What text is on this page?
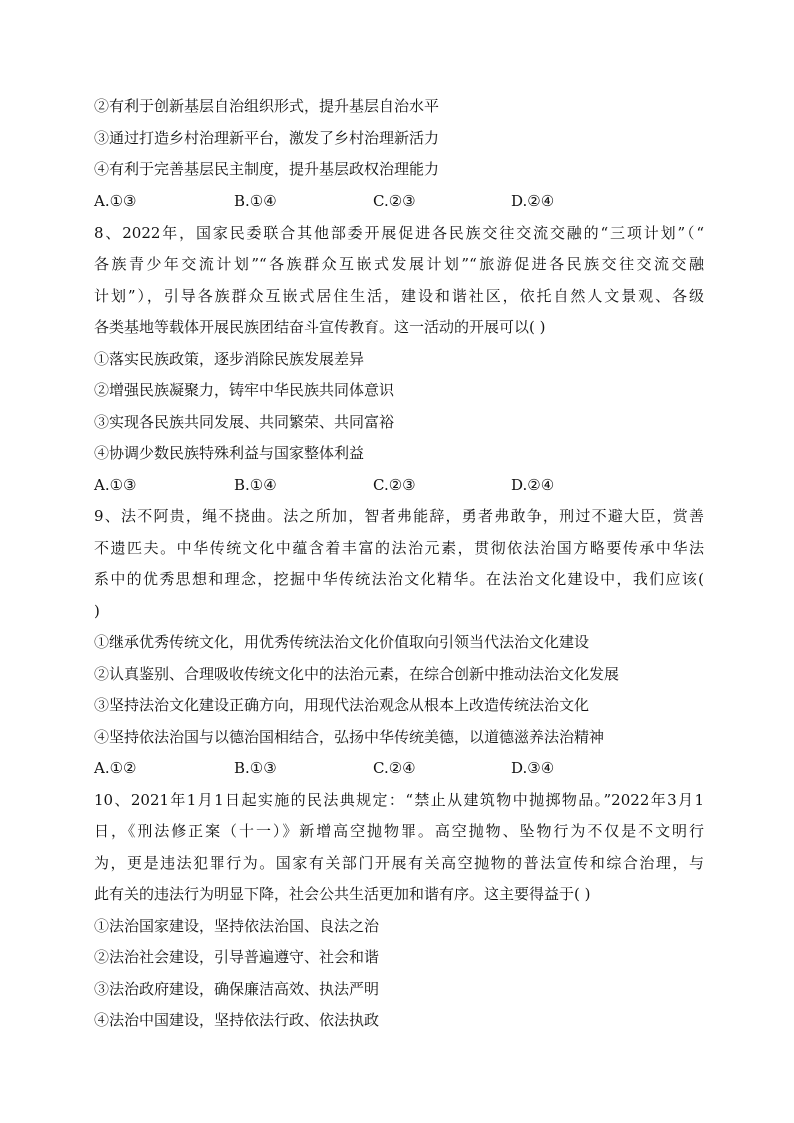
②有利于创新基层自治组织形式，提升基层自治水平
③通过打造乡村治理新平台，激发了乡村治理新活力
④有利于完善基层民主制度，提升基层政权治理能力
A.①③	B.①④	C.②③	D.②④
8、2022年，国家民委联合其他部委开展促进各民族交往交流交融的“三项计划”（“
各族青少年交流计划”“各族群众互嵌式发展计划”“旅游促进各民族交往交流交融
计划”），引导各族群众互嵌式居住生活，建设和谐社区，依托自然人文景观、各级
各类基地等载体开展民族团结奋斗宣传教育。这一活动的开展可以( )
①落实民族政策，逐步消除民族发展差异
②增强民族凝聚力，铸牢中华民族共同体意识
③实现各民族共同发展、共同繁荣、共同富裕
④协调少数民族特殊利益与国家整体利益
A.①③	B.①④	C.②③	D.②④
9、法不阿贵，绳不挠曲。法之所加，智者弗能辞，勇者弗敢争，刑过不避大臣，赏善
不遗匹夫。中华传统文化中蕴含着丰富的法治元素，贯彻依法治国方略要传承中华法
系中的优秀思想和理念，挖掘中华传统法治文化精华。在法治文化建设中，我们应该(
)
①继承优秀传统文化，用优秀传统法治文化价值取向引领当代法治文化建设
②认真鉴别、合理吸收传统文化中的法治元素，在综合创新中推动法治文化发展
③坚持法治文化建设正确方向，用现代法治观念从根本上改造传统法治文化
④坚持依法治国与以德治国相结合，弘扬中华传统美德，以道德滋养法治精神
A.①②	B.①③	C.②④	D.③④
10、2021年1月1日起实施的民法典规定：“禁止从建筑物中抛掷物品。”2022年3月1
日，《刑法修正案（十一）》新增高空抛物罪。高空抛物、坠物行为不仅是不文明行
为，更是违法犯罪行为。国家有关部门开展有关高空抛物的普法宣传和综合治理，与
此有关的违法行为明显下降，社会公共生活更加和谐有序。这主要得益于( )
①法治国家建设，坚持依法治国、良法之治
②法治社会建设，引导普遍遵守、社会和谐
③法治政府建设，确保廉洁高效、执法严明
④法治中国建设，坚持依法行政、依法执政
